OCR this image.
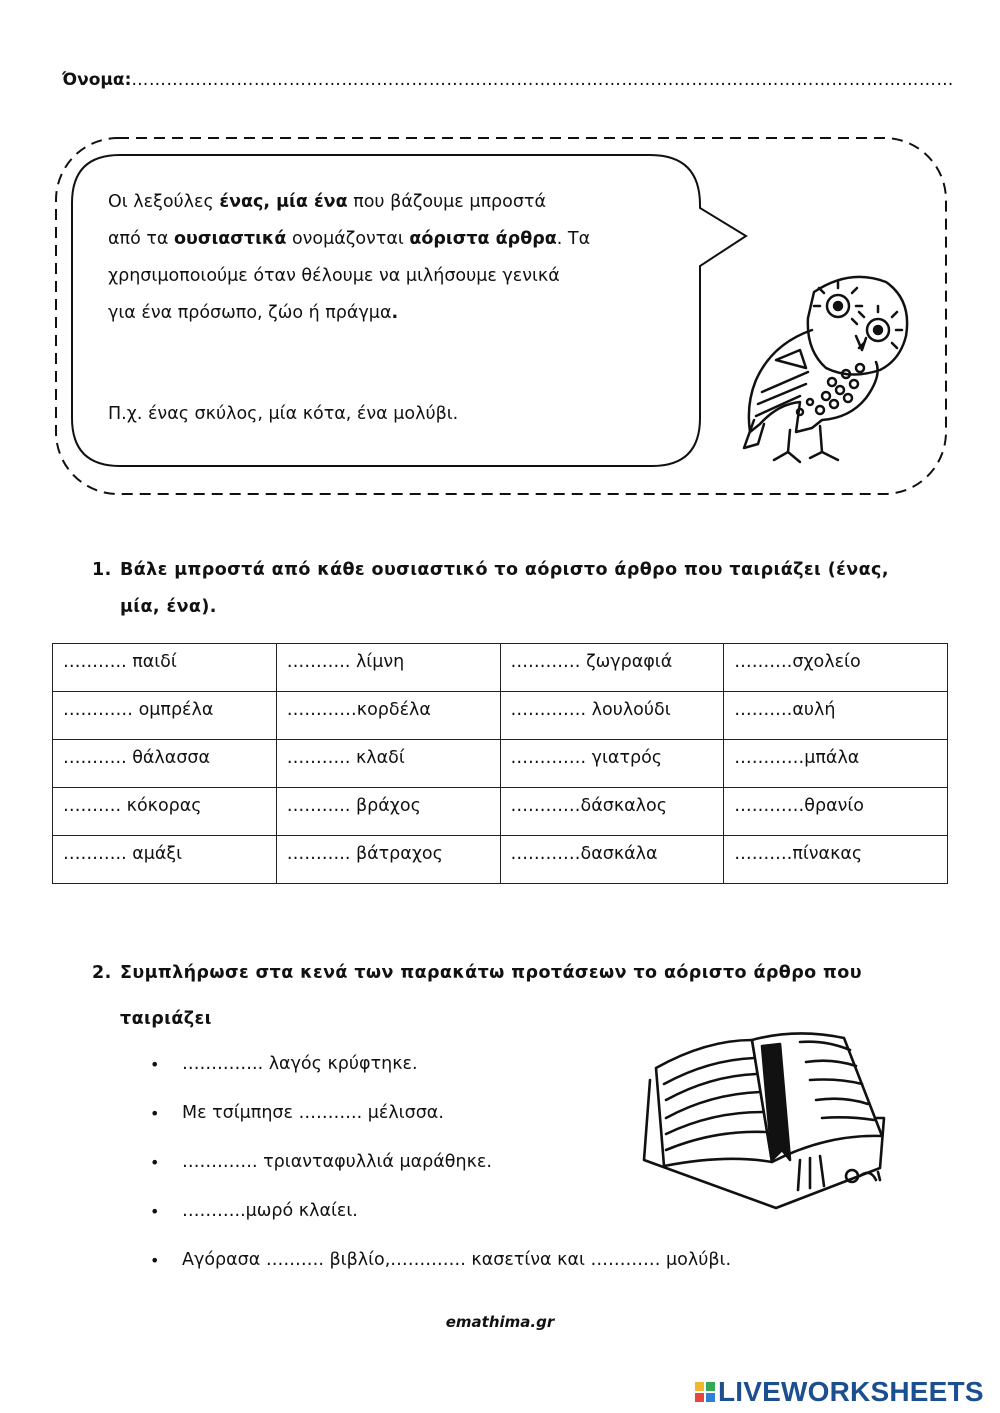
Όνομα:……………………………………………………………………………………………………………………………
Οι λεξούλες ένας, μία ένα που βάζουμε μπροστά
από τα ουσιαστικά ονομάζονται αόριστα άρθρα. Τα
χρησιμοποιούμε όταν θέλουμε να μιλήσουμε γενικά
για ένα πρόσωπο, ζώο ή πράγμα.
Π.χ. ένας σκύλος, μία κότα, ένα μολύβι.
1. Βάλε μπροστά από κάθε ουσιαστικό το αόριστο άρθρο που ταιριάζει (ένας,
μία, ένα).
……….. παιδί	……….. λίμνη	………… ζωγραφιά	……….σχολείο
………… ομπρέλα	…………κορδέλα	…………. λουλούδι	……….αυλή
……….. θάλασσα	……….. κλαδί	…………. γιατρός	…………μπάλα
………. κόκορας	……….. βράχος	…………δάσκαλος	…………θρανίο
……….. αμάξι	……….. βάτραχος	…………δασκάλα	……….πίνακας
2. Συμπλήρωσε στα κενά των παρακάτω προτάσεων το αόριστο άρθρο που
ταιριάζει
• ………….. λαγός κρύφτηκε.
• Με τσίμπησε ……….. μέλισσα.
• …………. τριανταφυλλιά μαράθηκε.
• ………..μωρό κλαίει.
• Αγόρασα ………. βιβλίο,…………. κασετίνα και ………… μολύβι.
emathima.gr
LIVEWORKSHEETS
